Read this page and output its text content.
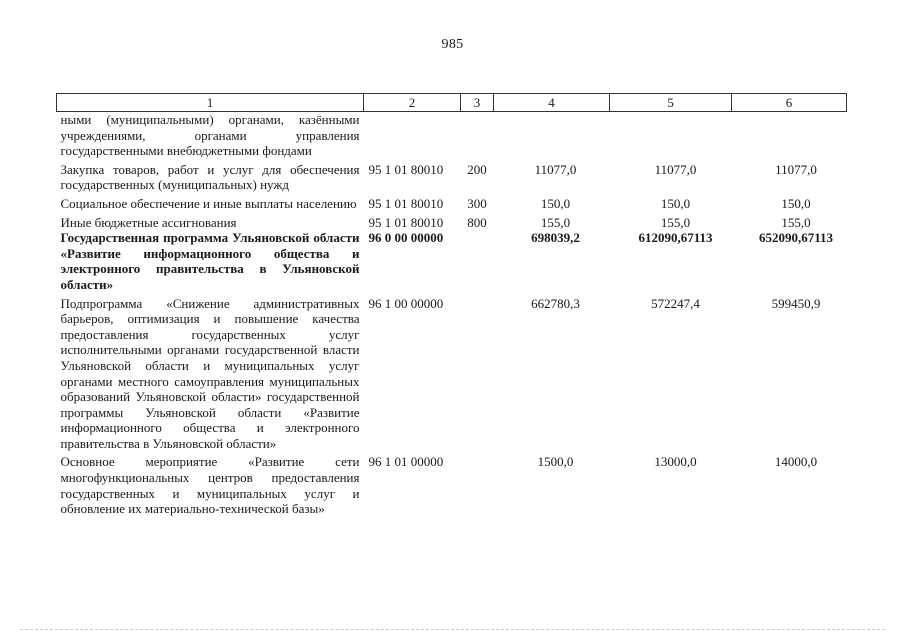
985
1	2	3	4	5	6
ными (муниципальными) органами, казёнными учреждениями, органами управления государственными внебюджетными фондами					
Закупка товаров, работ и услуг для обеспечения государственных (муниципальных) нужд	95 1 01 80010	200	11077,0	11077,0	11077,0
Социальное обеспечение и иные выплаты населению	95 1 01 80010	300	150,0	150,0	150,0
Иные бюджетные ассигнования	95 1 01 80010	800	155,0	155,0	155,0
Государственная программа Ульяновской области «Развитие информационного общества и электронного правительства в Ульяновской области»	96 0 00 00000		698039,2	612090,67113	652090,67113
Подпрограмма «Снижение административных барьеров, оптимизация и повышение качества предоставления государственных услуг исполнительными органами государственной власти Ульяновской области и муниципальных услуг органами местного самоуправления муниципальных образований Ульяновской области» государственной программы Ульяновской области «Развитие информационного общества и электронного правительства в Ульяновской области»	96 1 00 00000		662780,3	572247,4	599450,9
Основное мероприятие «Развитие сети многофункциональных центров предоставления государственных и муниципальных услуг и обновление их материально-технической базы»	96 1 01 00000		1500,0	13000,0	14000,0
